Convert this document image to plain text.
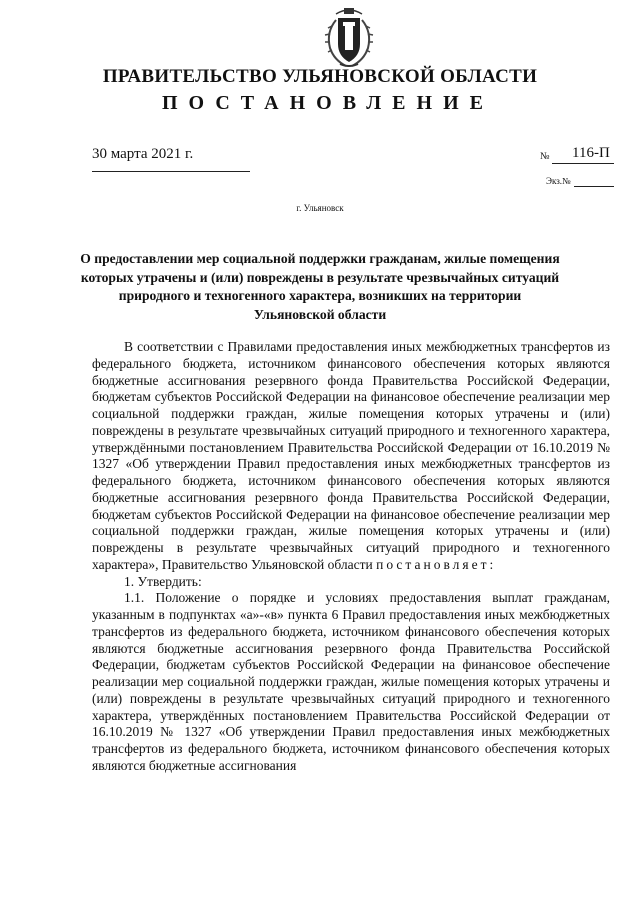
ПРАВИТЕЛЬСТВО УЛЬЯНОВСКОЙ ОБЛАСТИ
ПОСТАНОВЛЕНИЕ
30 марта 2021 г.	№ 116-П
Экз.№
г. Ульяновск
О предоставлении мер социальной поддержки гражданам, жилые помещения которых утрачены и (или) повреждены в результате чрезвычайных ситуаций природного и техногенного характера, возникших на территории Ульяновской области

В соответствии с Правилами предоставления иных межбюджетных трансфертов из федерального бюджета, источником финансового обеспечения которых являются бюджетные ассигнования резервного фонда Правительства Российской Федерации, бюджетам субъектов Российской Федерации на финансовое обеспечение реализации мер социальной поддержки граждан, жилые помещения которых утрачены и (или) повреждены в результате чрезвычайных ситуаций природного и техногенного характера, утверждёнными постановлением Правительства Российской Федерации от 16.10.2019 № 1327 «Об утверждении Правил предоставления иных межбюджетных трансфертов из федерального бюджета, источником финансового обеспечения которых являются бюджетные ассигнования резервного фонда Правительства Российской Федерации, бюджетам субъектов Российской Федерации на финансовое обеспечение реализации мер социальной поддержки граждан, жилые помещения которых утрачены и (или) повреждены в результате чрезвычайных ситуаций природного и техногенного характера», Правительство Ульяновской области постановляет:

1. Утвердить:

1.1. Положение о порядке и условиях предоставления выплат гражданам, указанным в подпунктах «а»-«в» пункта 6 Правил предоставления иных межбюджетных трансфертов из федерального бюджета, источником финансового обеспечения которых являются бюджетные ассигнования резервного фонда Правительства Российской Федерации, бюджетам субъектов Российской Федерации на финансовое обеспечение реализации мер социальной поддержки граждан, жилые помещения которых утрачены и (или) повреждены в результате чрезвычайных ситуаций природного и техногенного характера, утверждённых постановлением Правительства Российской Федерации от 16.10.2019 № 1327 «Об утверждении Правил предоставления иных межбюджетных трансфертов из федерального бюджета, источником финансового обеспечения которых являются бюджетные ассигнования
